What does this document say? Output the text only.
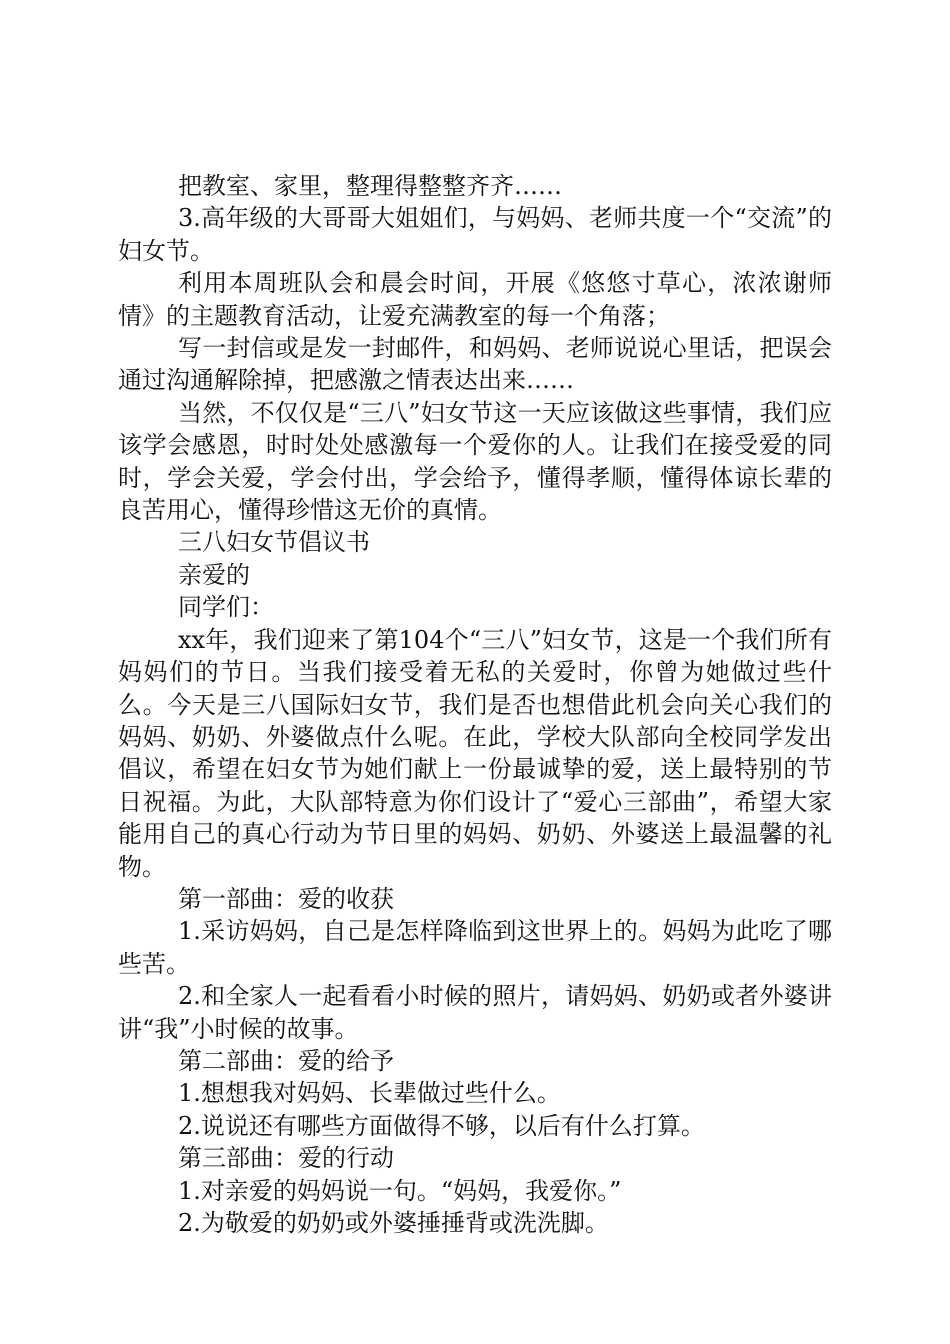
把教室、家里，整理得整整齐齐……

3.高年级的大哥哥大姐姐们，与妈妈、老师共度一个“交流”的妇女节。

利用本周班队会和晨会时间，开展《悠悠寸草心，浓浓谢师情》的主题教育活动，让爱充满教室的每一个角落；

写一封信或是发一封邮件，和妈妈、老师说说心里话，把误会通过沟通解除掉，把感激之情表达出来……

当然，不仅仅是“三八”妇女节这一天应该做这些事情，我们应该学会感恩，时时处处感激每一个爱你的人。让我们在接受爱的同时，学会关爱，学会付出，学会给予，懂得孝顺，懂得体谅长辈的良苦用心，懂得珍惜这无价的真情。

三八妇女节倡议书

亲爱的

同学们：

xx年，我们迎来了第104个“三八”妇女节，这是一个我们所有妈妈们的节日。当我们接受着无私的关爱时，你曾为她做过些什么。今天是三八国际妇女节，我们是否也想借此机会向关心我们的妈妈、奶奶、外婆做点什么呢。在此，学校大队部向全校同学发出倡议，希望在妇女节为她们献上一份最诚挚的爱，送上最特别的节日祝福。为此，大队部特意为你们设计了“爱心三部曲”，希望大家能用自己的真心行动为节日里的妈妈、奶奶、外婆送上最温馨的礼物。

第一部曲：爱的收获

1.采访妈妈，自己是怎样降临到这世界上的。妈妈为此吃了哪些苦。

2.和全家人一起看看小时候的照片，请妈妈、奶奶或者外婆讲讲“我”小时候的故事。

第二部曲：爱的给予

1.想想我对妈妈、长辈做过些什么。

2.说说还有哪些方面做得不够，以后有什么打算。

第三部曲：爱的行动

1.对亲爱的妈妈说一句。“妈妈，我爱你。”

2.为敬爱的奶奶或外婆捶捶背或洗洗脚。
